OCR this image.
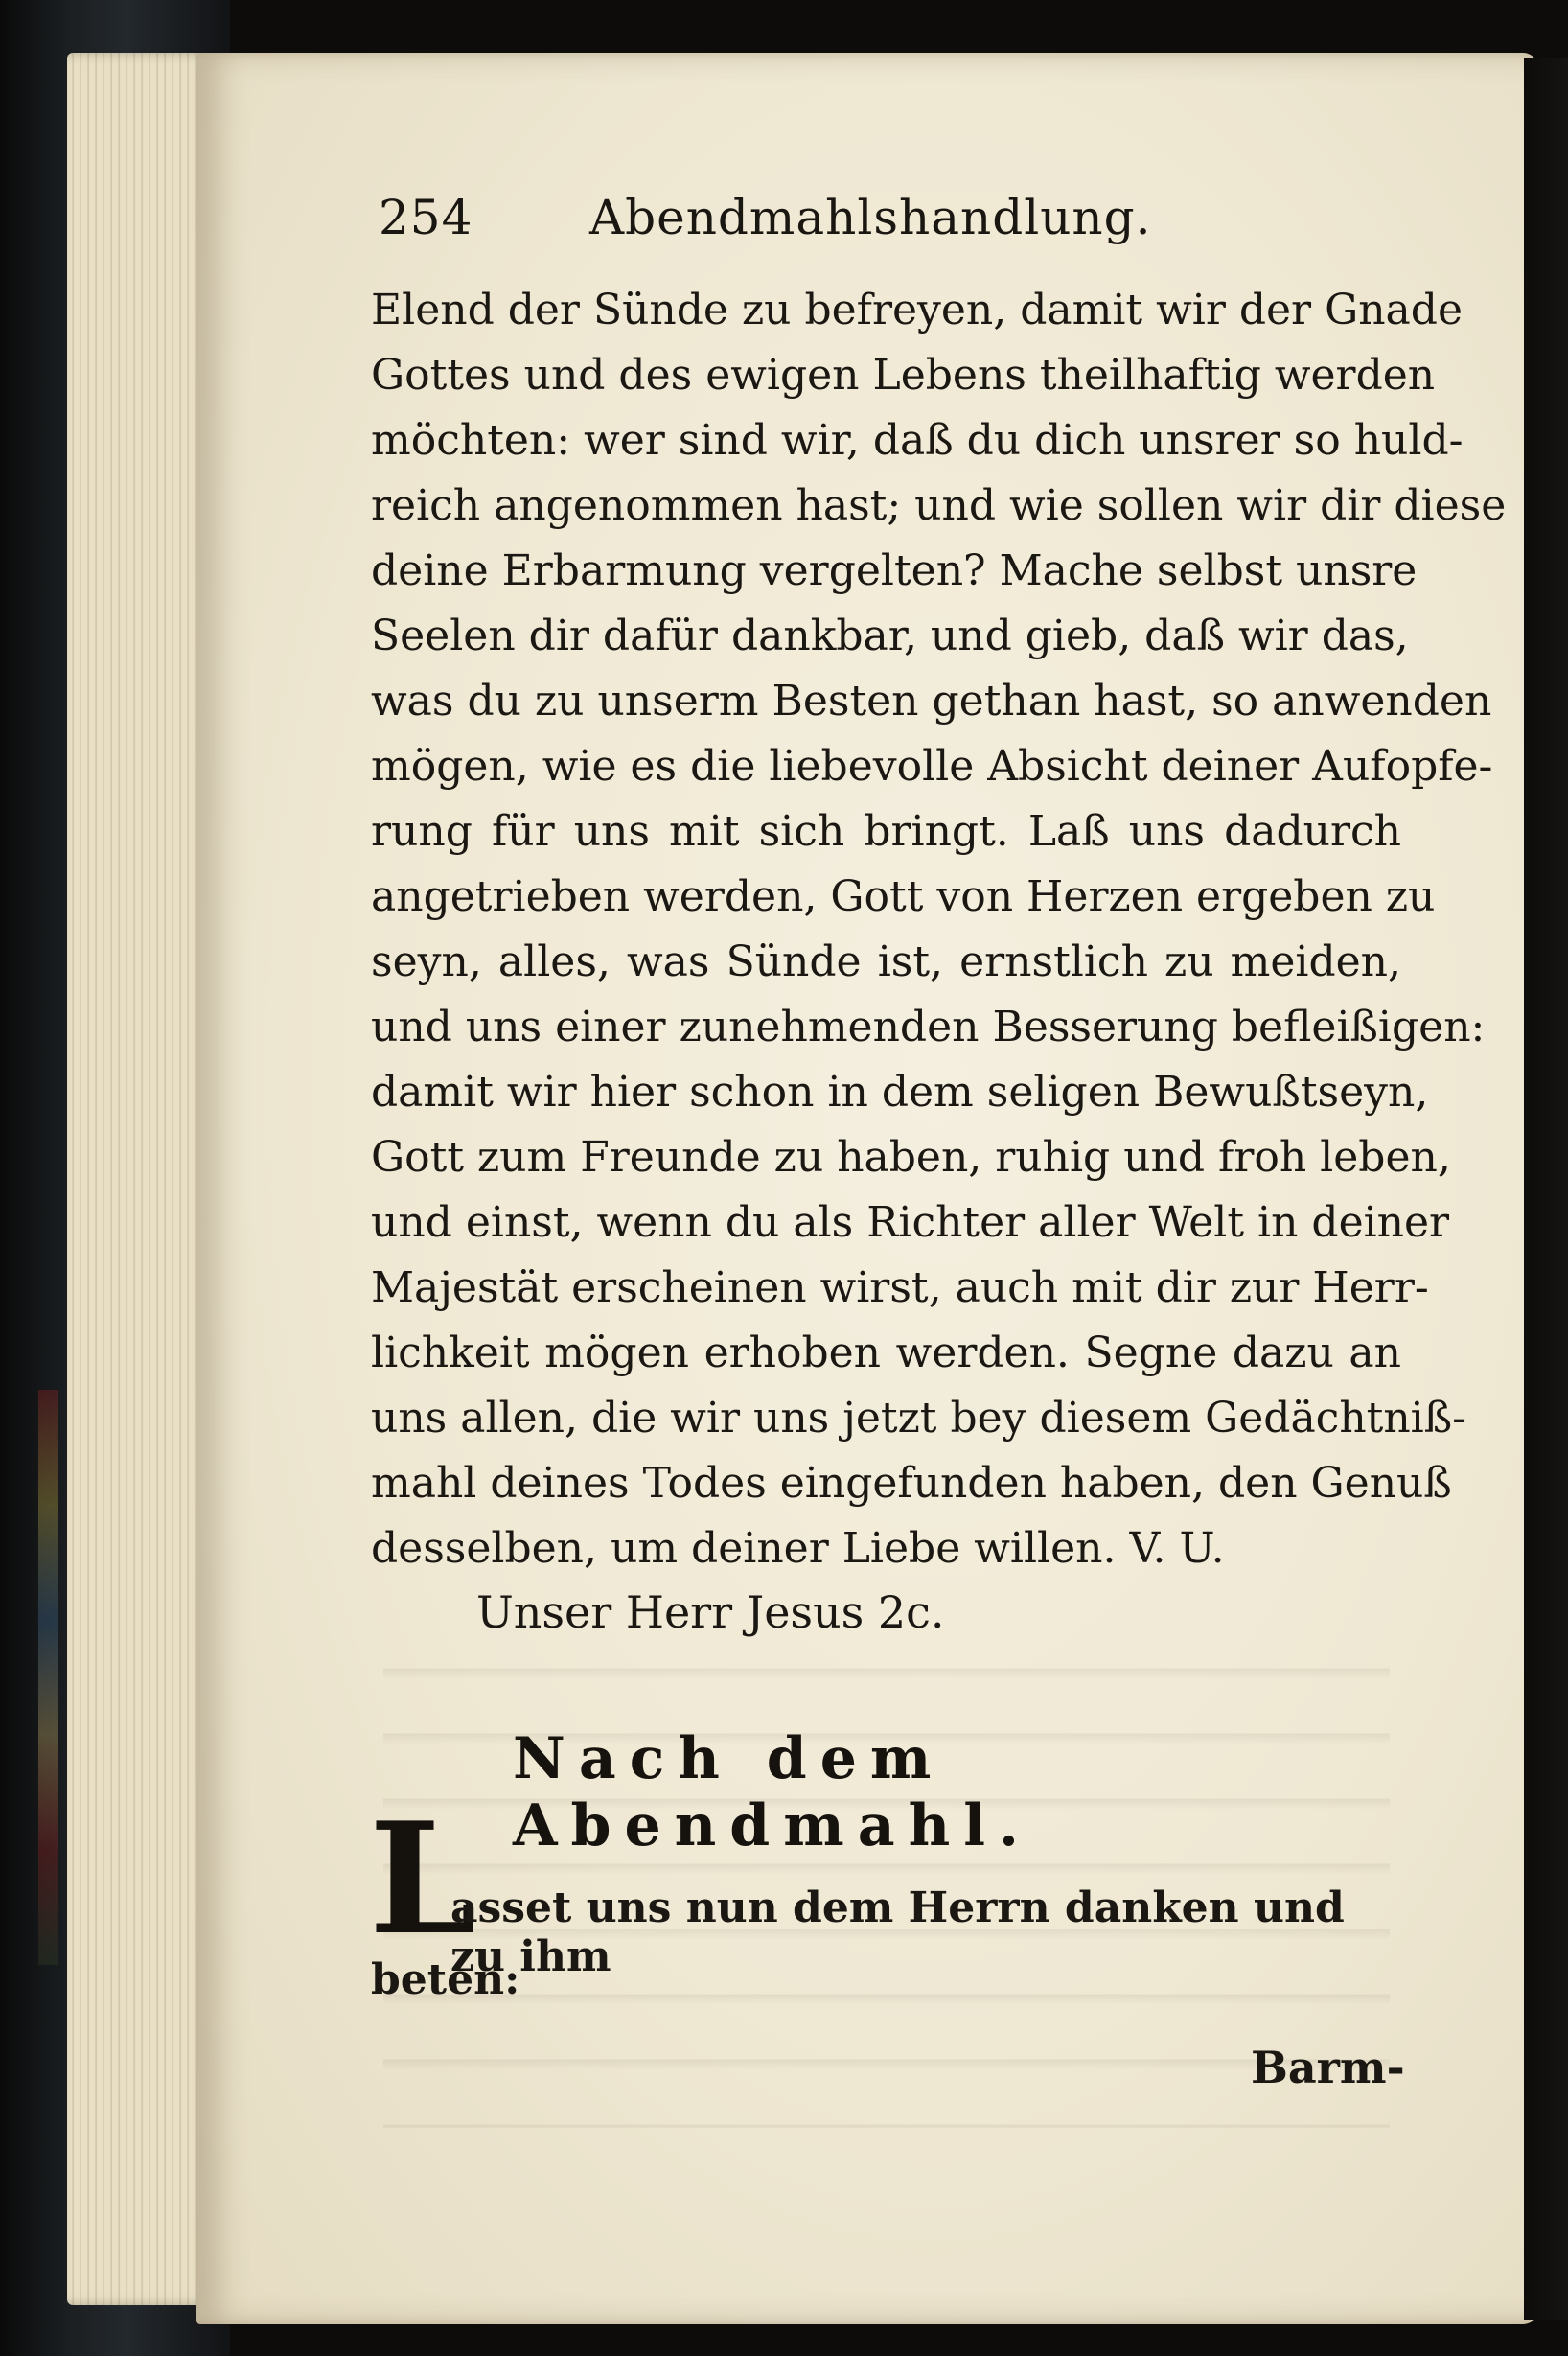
254 Abendmahlshandlung.
Elend der Sünde zu befreyen, damit wir der Gnade
Gottes und des ewigen Lebens theilhaftig werden
möchten: wer sind wir, daß du dich unsrer so huld-
reich angenommen hast; und wie sollen wir dir diese
deine Erbarmung vergelten? Mache selbst unsre
Seelen dir dafür dankbar, und gieb, daß wir das,
was du zu unserm Besten gethan hast, so anwenden
mögen, wie es die liebevolle Absicht deiner Aufopfe-
rung für uns mit sich bringt. Laß uns dadurch
angetrieben werden, Gott von Herzen ergeben zu
seyn, alles, was Sünde ist, ernstlich zu meiden,
und uns einer zunehmenden Besserung befleißigen:
damit wir hier schon in dem seligen Bewußtseyn,
Gott zum Freunde zu haben, ruhig und froh leben,
und einst, wenn du als Richter aller Welt in deiner
Majestät erscheinen wirst, auch mit dir zur Herr-
lichkeit mögen erhoben werden. Segne dazu an
uns allen, die wir uns jetzt bey diesem Gedächtniß-
mahl deines Todes eingefunden haben, den Genuß
desselben, um deiner Liebe willen. V. U.
Unser Herr Jesus 2c.
Nach dem Abendmahl.
L
asset uns nun dem Herrn danken und zu ihm
beten:
Barm-
